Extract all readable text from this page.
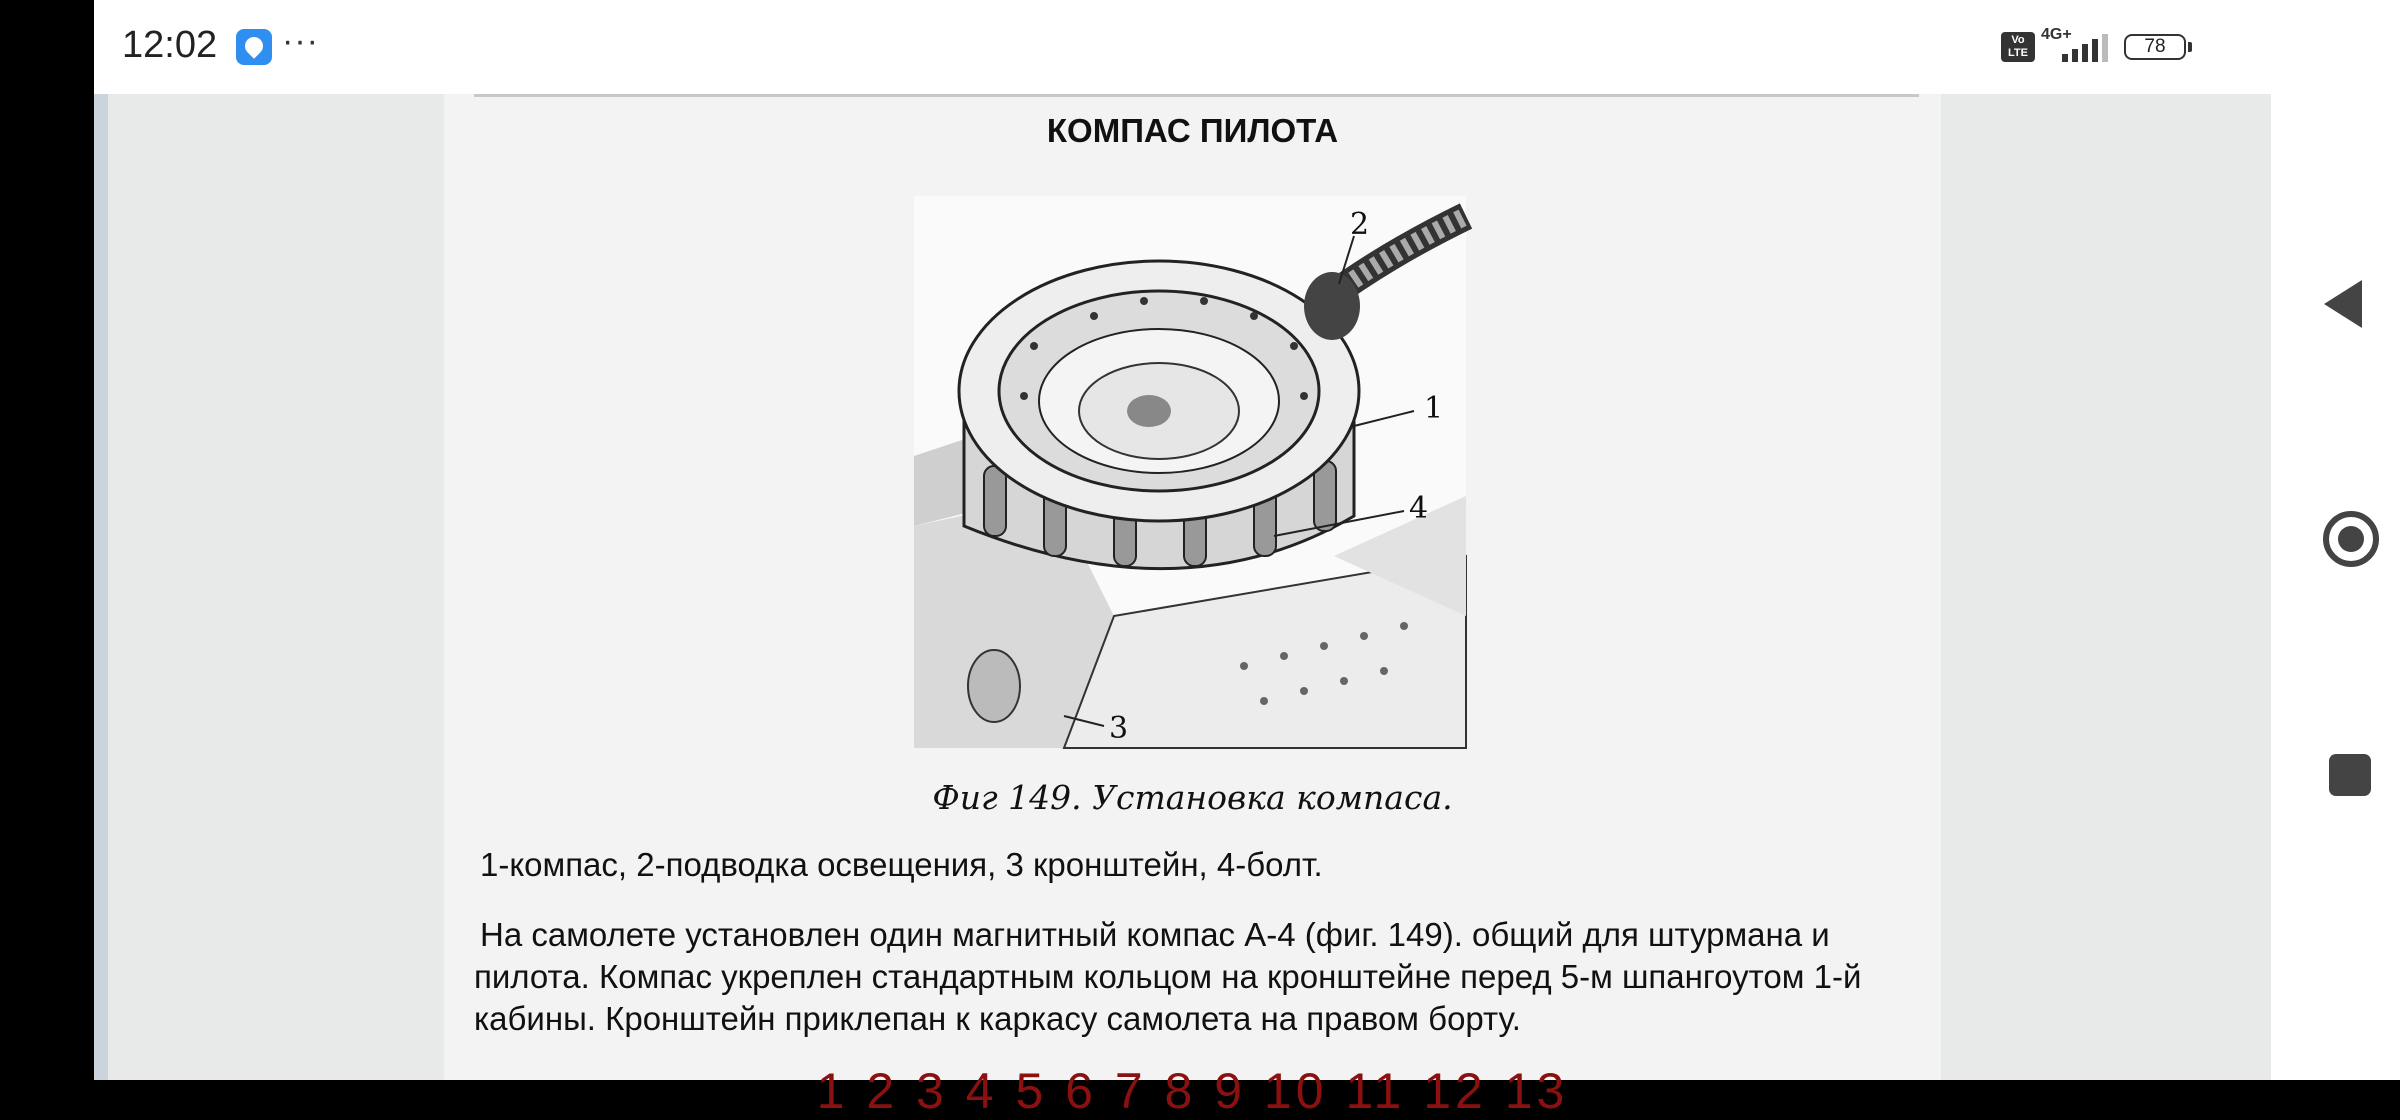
12:02 ···	Vo LTE
4G+
78
КОМПАС ПИЛОТА
1
2
3
4
Фиг 149. Установка компаса.
1-компас, 2-подводка освещения, 3 кронштейн, 4-болт.
На самолете установлен один магнитный компас А-4 (фиг. 149). общий для штурмана и пилота. Компас укреплен стандартным кольцом на кронштейне перед 5-м шпангоутом 1-й кабины. Кронштейн приклепан к каркасу самолета на правом борту.
1 2 3 4 5 6 7 8 9 10 11 12 13
